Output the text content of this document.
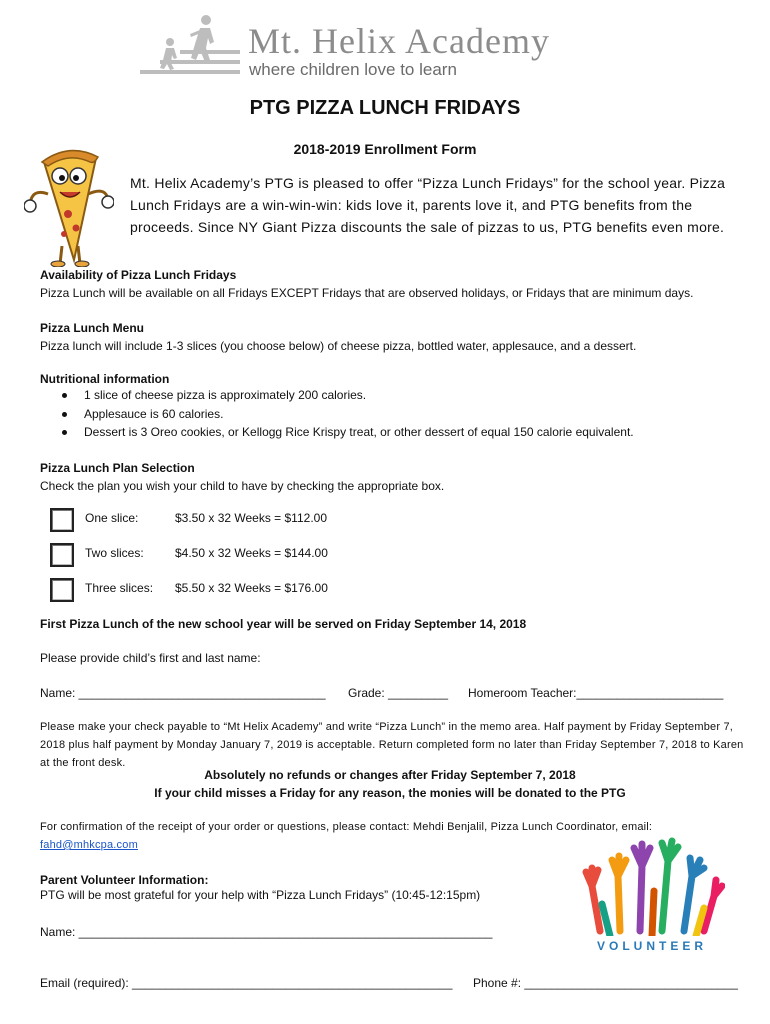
Mt. Helix Academy
where children love to learn
PTG PIZZA LUNCH FRIDAYS
2018-2019 Enrollment Form
Mt. Helix Academy’s PTG is pleased to offer “Pizza Lunch Fridays” for the school year. Pizza Lunch Fridays are a win-win-win: kids love it, parents love it, and PTG benefits from the proceeds. Since NY Giant Pizza discounts the sale of pizzas to us, PTG benefits even more.
Availability of Pizza Lunch Fridays
Pizza Lunch will be available on all Fridays EXCEPT Fridays that are observed holidays, or Fridays that are minimum days.
Pizza Lunch Menu
Pizza lunch will include 1-3 slices (you choose below) of cheese pizza, bottled water, applesauce, and a dessert.
Nutritional information
1 slice of cheese pizza is approximately 200 calories.
Applesauce is 60 calories.
Dessert is 3 Oreo cookies, or Kellogg Rice Krispy treat, or other dessert of equal 150 calorie equivalent.
Pizza Lunch Plan Selection
Check the plan you wish your child to have by checking the appropriate box.
One slice:	$3.50 x 32 Weeks = $112.00
Two slices:	$4.50 x 32 Weeks = $144.00
Three slices: $5.50 x 32 Weeks = $176.00
First Pizza Lunch of the new school year will be served on Friday September 14, 2018
Please provide child’s first and last name:
Name: _____________________________________ Grade: _________ Homeroom Teacher:______________________
Please make your check payable to “Mt Helix Academy” and write “Pizza Lunch” in the memo area. Half payment by Friday September 7, 2018 plus half payment by Monday January 7, 2019 is acceptable. Return completed form no later than Friday September 7, 2018 to Karen at the front desk.
Absolutely no refunds or changes after Friday September 7, 2018
If your child misses a Friday for any reason, the monies will be donated to the PTG
For confirmation of the receipt of your order or questions, please contact: Mehdi Benjalil, Pizza Lunch Coordinator, email:
fahd@mhkcpa.com
Parent Volunteer Information:
PTG will be most grateful for your help with “Pizza Lunch Fridays” (10:45-12:15pm)
Name: ______________________________________________________________
Email (required): ________________________________________________ Phone #: ________________________________
VOLUNTEER
